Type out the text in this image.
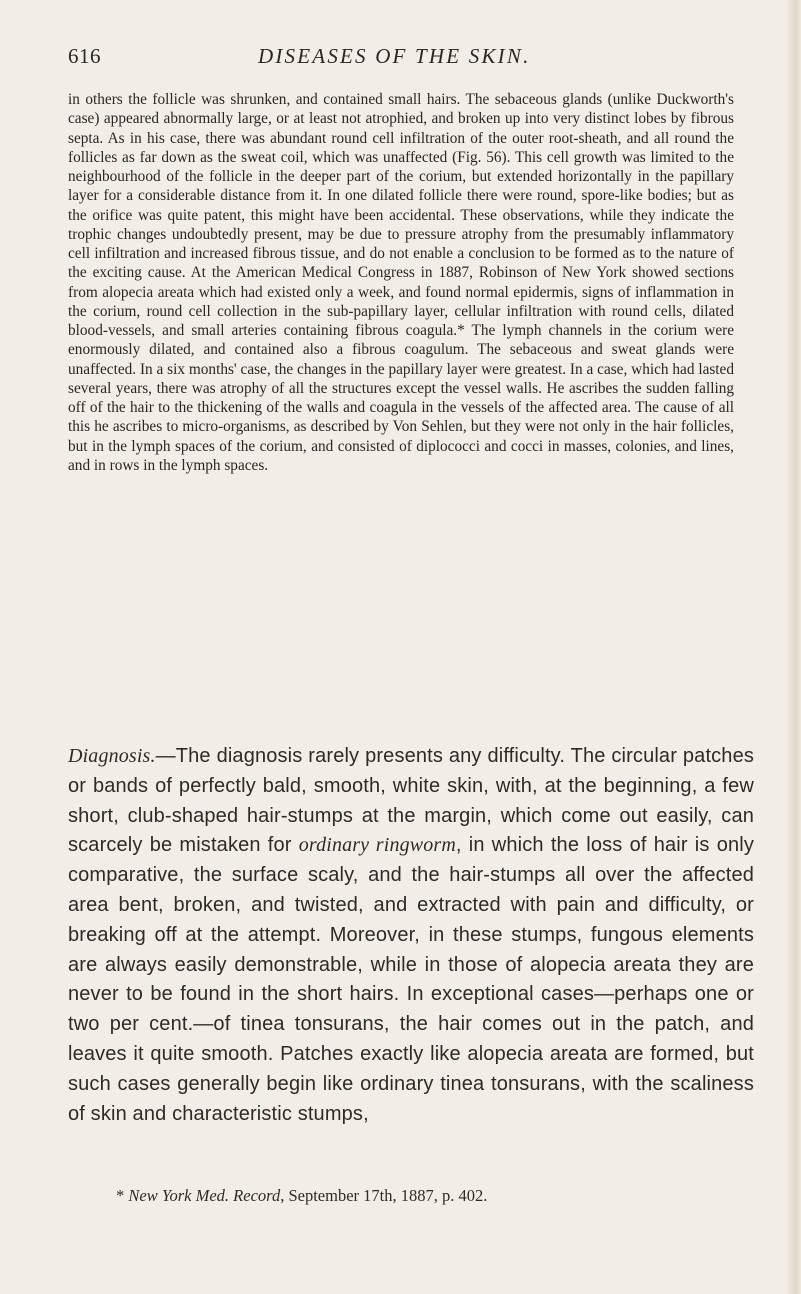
616	DISEASES OF THE SKIN.
in others the follicle was shrunken, and contained small hairs. The sebaceous glands (unlike Duckworth's case) appeared abnormally large, or at least not atrophied, and broken up into very distinct lobes by fibrous septa. As in his case, there was abundant round cell infiltration of the outer root-sheath, and all round the follicles as far down as the sweat coil, which was unaffected (Fig. 56). This cell growth was limited to the neighbourhood of the follicle in the deeper part of the corium, but extended horizontally in the papillary layer for a considerable distance from it. In one dilated follicle there were round, spore-like bodies; but as the orifice was quite patent, this might have been accidental. These observations, while they indicate the trophic changes undoubtedly present, may be due to pressure atrophy from the presumably inflammatory cell infiltration and increased fibrous tissue, and do not enable a conclusion to be formed as to the nature of the exciting cause. At the American Medical Congress in 1887, Robinson of New York showed sections from alopecia areata which had existed only a week, and found normal epidermis, signs of inflammation in the corium, round cell collection in the sub-papillary layer, cellular infiltration with round cells, dilated blood-vessels, and small arteries containing fibrous coagula.* The lymph channels in the corium were enormously dilated, and contained also a fibrous coagulum. The sebaceous and sweat glands were unaffected. In a six months' case, the changes in the papillary layer were greatest. In a case, which had lasted several years, there was atrophy of all the structures except the vessel walls. He ascribes the sudden falling off of the hair to the thickening of the walls and coagula in the vessels of the affected area. The cause of all this he ascribes to micro-organisms, as described by Von Sehlen, but they were not only in the hair follicles, but in the lymph spaces of the corium, and consisted of diplococci and cocci in masses, colonies, and lines, and in rows in the lymph spaces.
Diagnosis.—The diagnosis rarely presents any difficulty. The circular patches or bands of perfectly bald, smooth, white skin, with, at the beginning, a few short, club-shaped hair-stumps at the margin, which come out easily, can scarcely be mistaken for ordinary ringworm, in which the loss of hair is only comparative, the surface scaly, and the hair-stumps all over the affected area bent, broken, and twisted, and extracted with pain and difficulty, or breaking off at the attempt. Moreover, in these stumps, fungous elements are always easily demonstrable, while in those of alopecia areata they are never to be found in the short hairs. In exceptional cases—perhaps one or two per cent.—of tinea tonsurans, the hair comes out in the patch, and leaves it quite smooth. Patches exactly like alopecia areata are formed, but such cases generally begin like ordinary tinea tonsurans, with the scaliness of skin and characteristic stumps,
* New York Med. Record, September 17th, 1887, p. 402.
